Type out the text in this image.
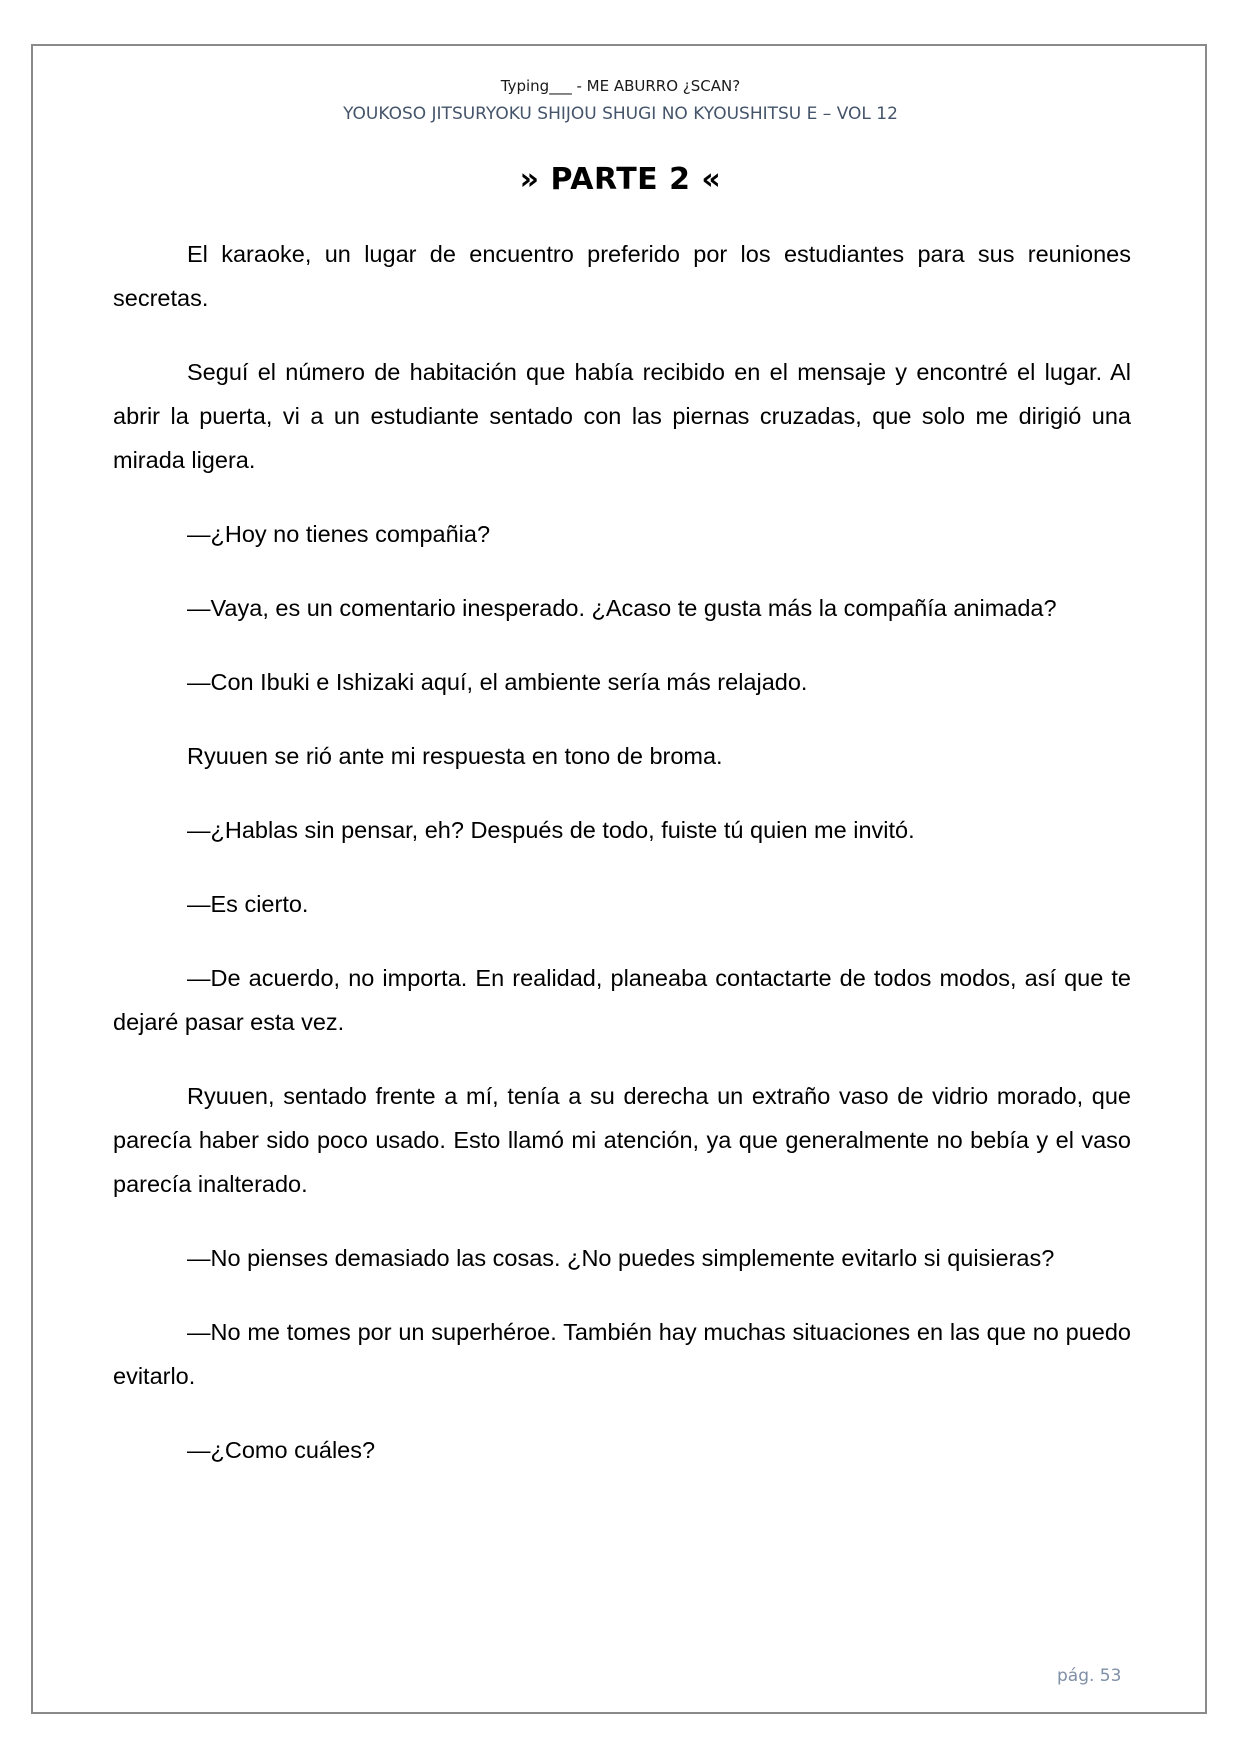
Typing___ - ME ABURRO ¿SCAN?
YOUKOSO JITSURYOKU SHIJOU SHUGI NO KYOUSHITSU E – VOL 12
» PARTE 2 «

El karaoke, un lugar de encuentro preferido por los estudiantes para sus reuniones secretas.

Seguí el número de habitación que había recibido en el mensaje y encontré el lugar. Al abrir la puerta, vi a un estudiante sentado con las piernas cruzadas, que solo me dirigió una mirada ligera.

—¿Hoy no tienes compañia?

—Vaya, es un comentario inesperado. ¿Acaso te gusta más la compañía animada?

—Con Ibuki e Ishizaki aquí, el ambiente sería más relajado.

Ryuuen se rió ante mi respuesta en tono de broma.

—¿Hablas sin pensar, eh? Después de todo, fuiste tú quien me invitó.

—Es cierto.

—De acuerdo, no importa. En realidad, planeaba contactarte de todos modos, así que te dejaré pasar esta vez.

Ryuuen, sentado frente a mí, tenía a su derecha un extraño vaso de vidrio morado, que parecía haber sido poco usado. Esto llamó mi atención, ya que generalmente no bebía y el vaso parecía inalterado.

—No pienses demasiado las cosas. ¿No puedes simplemente evitarlo si quisieras?

—No me tomes por un superhéroe. También hay muchas situaciones en las que no puedo evitarlo.

—¿Como cuáles?

pág. 53
